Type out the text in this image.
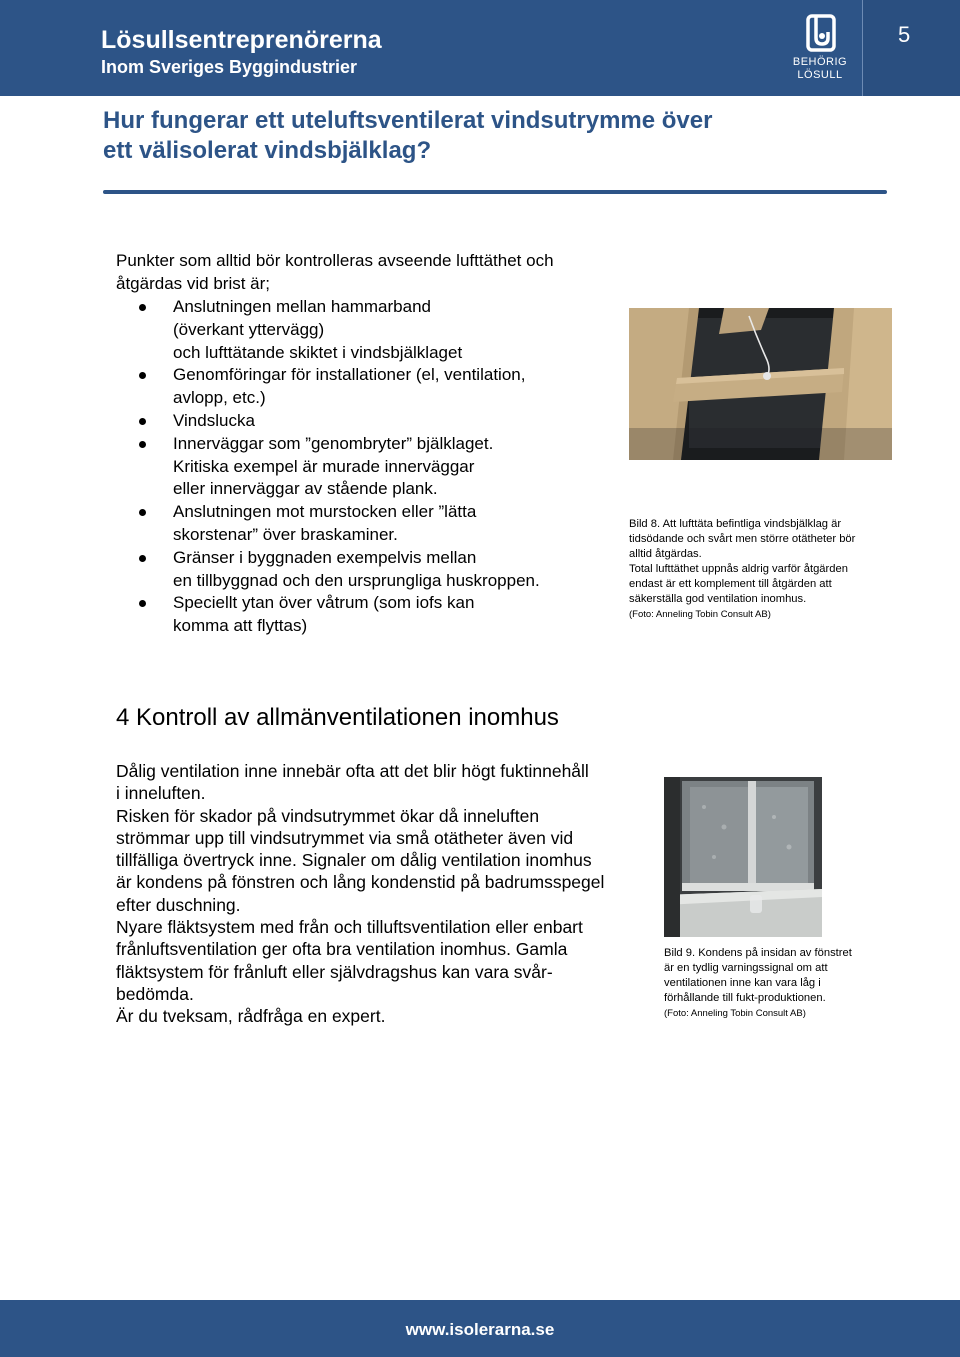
Lösullsentreprenörerna
Inom Sveriges Byggindustrier	BEHÖRIG
LÖSULL
5
Hur fungerar ett uteluftsventilerat vindsutrymme över
ett välisolerat vindsbjälklag?

Punkter som alltid bör kontrolleras avseende lufttäthet och åtgärdas vid brist är;

Anslutningen mellan hammarband
(överkant yttervägg)
och lufttätande skiktet i vindsbjälklaget
Genomföringar för installationer (el, ventilation,
avlopp, etc.)
Vindslucka
Innerväggar som ”genombryter” bjälklaget.
Kritiska exempel är murade innerväggar
eller innerväggar av stående plank.
Anslutningen mot murstocken eller ”lätta
skorstenar” över braskaminer.
Gränser i byggnaden exempelvis mellan
en tillbyggnad och den ursprungliga huskroppen.
Speciellt ytan över våtrum (som iofs kan
komma att flyttas)
Bild 8. Att lufttäta befintliga vindsbjälklag är
tidsödande och svårt men större otätheter bör
alltid åtgärdas.
Total lufttäthet uppnås aldrig varför åtgärden
endast är ett komplement till åtgärden att
säkerställa god ventilation inomhus.
(Foto: Anneling Tobin Consult AB)
4 Kontroll av allmänventilationen inomhus

Dålig ventilation inne innebär ofta att det blir högt fuktinnehåll

i inneluften.

Risken för skador på vindsutrymmet ökar då inneluften

strömmar upp till vindsutrymmet via små otätheter även vid

tillfälliga övertryck inne. Signaler om dålig ventilation inomhus

är kondens på fönstren och lång kondenstid på badrumsspegel

efter duschning.

Nyare fläktsystem med från och tilluftsventilation eller enbart

frånluftsventilation ger ofta bra ventilation inomhus. Gamla

fläktsystem för frånluft eller självdragshus kan vara svår-

bedömda.

Är du tveksam, rådfråga en expert.

Bild 9. Kondens på insidan av fönstret
är en tydlig varningssignal om att
ventilationen inne kan vara låg i
förhållande till fukt-produktionen.
(Foto: Anneling Tobin Consult AB)
www.isolerarna.se
